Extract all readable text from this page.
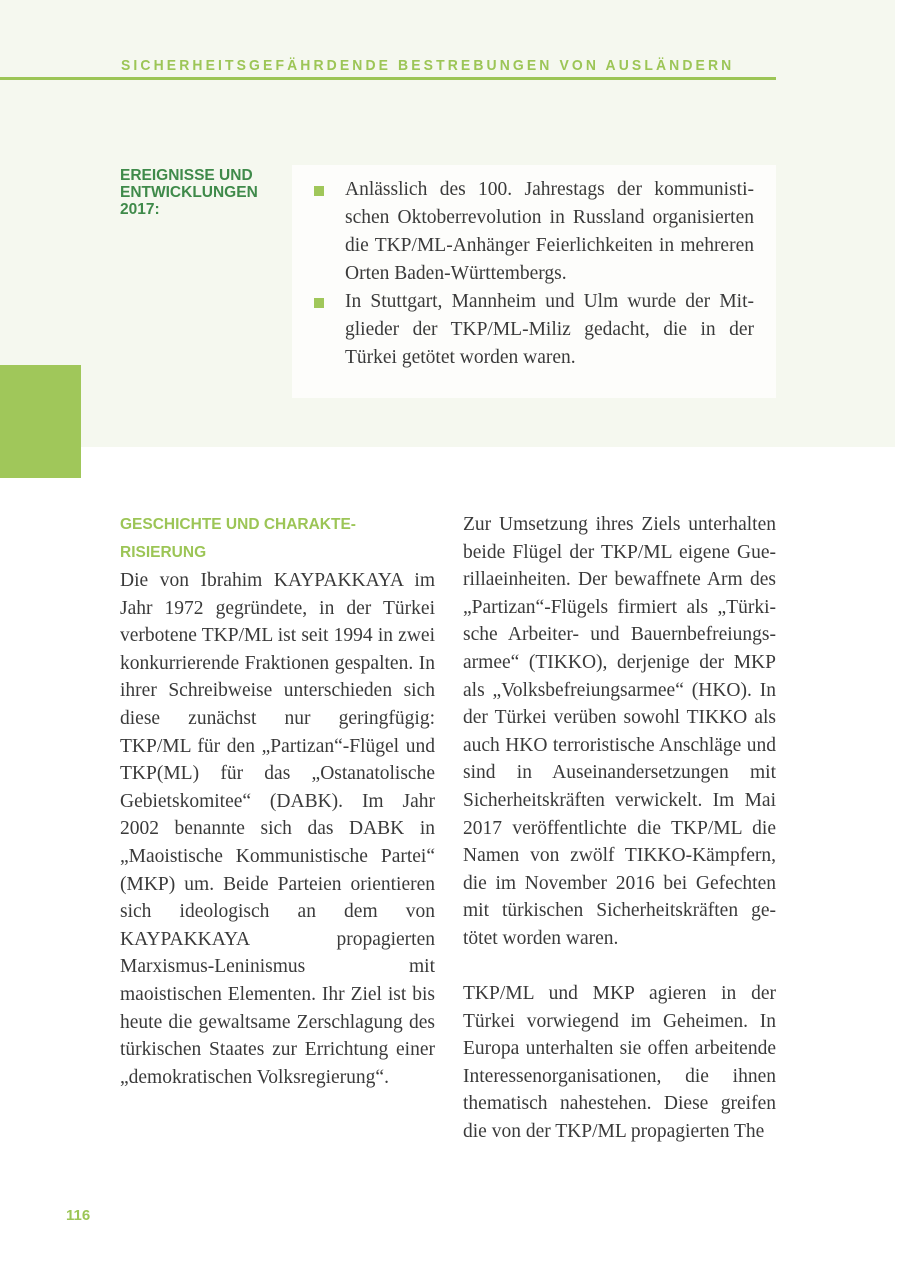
SICHERHEITSGEFÄHRDENDE BESTREBUNGEN VON AUSLÄNDERN
EREIGNISSE UND ENTWICKLUNGEN 2017:
Anlässlich des 100. Jahrestags der kommunistischen Oktoberrevolution in Russland organisierten die TKP/ML-Anhänger Feierlichkeiten in mehreren Orten Baden-Württembergs.
In Stuttgart, Mannheim und Ulm wurde der Mitglieder der TKP/ML-Miliz gedacht, die in der Türkei getötet worden waren.
GESCHICHTE UND CHARAKTERISIERUNG

Die von Ibrahim KAYPAKKAYA im Jahr 1972 gegründete, in der Türkei verbotene TKP/ML ist seit 1994 in zwei konkurrierende Fraktionen gespalten. In ihrer Schreibweise unterschieden sich diese zunächst nur geringfügig: TKP/ML für den „Partizan“-Flügel und TKP(ML) für das „Ostanatolische Gebietskomitee“ (DABK). Im Jahr 2002 benannte sich das DABK in „Maoistische Kommunistische Partei“ (MKP) um. Beide Parteien orientieren sich ideologisch an dem von KAYPAKKAYA propagierten Marxismus-Leninismus mit maoistischen Elementen. Ihr Ziel ist bis heute die gewaltsame Zerschlagung des türkischen Staates zur Errichtung einer „demokratischen Volksregierung“.

Zur Umsetzung ihres Ziels unterhalten beide Flügel der TKP/ML eigene Guerillaeinheiten. Der bewaffnete Arm des „Partizan“-Flügels firmiert als „Türkische Arbeiter- und Bauernbefreiungsarmee“ (TIKKO), derjenige der MKP als „Volksbefreiungsarmee“ (HKO). In der Türkei verüben sowohl TIKKO als auch HKO terroristische Anschläge und sind in Auseinandersetzungen mit Sicherheitskräften verwickelt. Im Mai 2017 veröffentlichte die TKP/ML die Namen von zwölf TIKKO-Kämpfern, die im November 2016 bei Gefechten mit türkischen Sicherheitskräften getötet worden waren.

TKP/ML und MKP agieren in der Türkei vorwiegend im Geheimen. In Europa unterhalten sie offen arbeitende Interessenorganisationen, die ihnen thematisch nahestehen. Diese greifen die von der TKP/ML propagierten The

116
